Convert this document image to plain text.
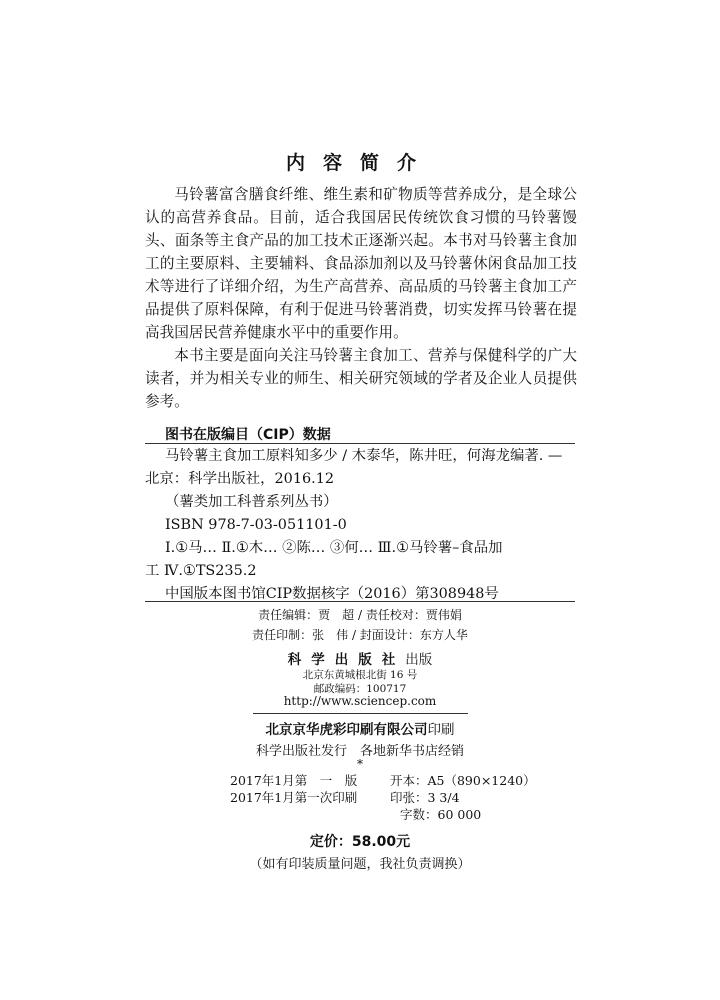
内容简介

马铃薯富含膳食纤维、维生素和矿物质等营养成分，是全球公认的高营养食品。目前，适合我国居民传统饮食习惯的马铃薯馒头、面条等主食产品的加工技术正逐渐兴起。本书对马铃薯主食加工的主要原料、主要辅料、食品添加剂以及马铃薯休闲食品加工技术等进行了详细介绍，为生产高营养、高品质的马铃薯主食加工产品提供了原料保障，有利于促进马铃薯消费，切实发挥马铃薯在提高我国居民营养健康水平中的重要作用。

本书主要是面向关注马铃薯主食加工、营养与保健科学的广大读者，并为相关专业的师生、相关研究领域的学者及企业人员提供参考。

图书在版编目（CIP）数据
马铃薯主食加工原料知多少 / 木泰华，陈井旺，何海龙编著. —
北京：科学出版社，2016.12
（薯类加工科普系列丛书）
ISBN 978-7-03-051101-0
Ⅰ.①马… Ⅱ.①木… ②陈… ③何… Ⅲ.①马铃薯–食品加
工 Ⅳ.①TS235.2
中国版本图书馆CIP数据核字（2016）第308948号
责任编辑：贾　超 / 责任校对：贾伟娟
责任印制：张　伟 / 封面设计：东方人华
科学出版社出版
北京东黄城根北街 16 号
邮政编码：100717
http://www.sciencep.com
北京京华虎彩印刷有限公司印刷
科学出版社发行　各地新华书店经销
*
2017年1月第　一　版	开本：A5（890×1240）
2017年1月第一次印刷	印张：3 3/4
字数：60 000
定价：58.00元
（如有印装质量问题，我社负责调换）
